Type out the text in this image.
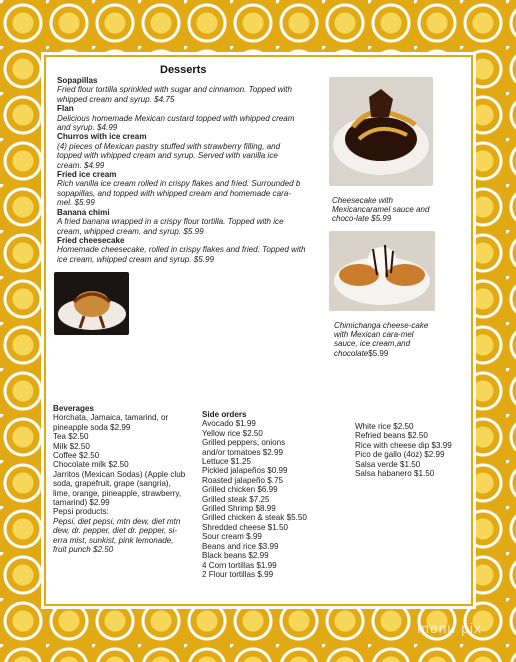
Desserts
Sopapillas
Fried flour tortilla sprinkled with sugar and cinnamon. Topped with
whipped cream and syrup. $4.75
Flan
Delicious homemade Mexican custard topped with whipped cream
and syrup. $4.99
Churros with ice cream
(4) pieces of Mexican pastry stuffed with strawberry filling, and
topped with whipped cream and syrup. Served with vanilla ice
cream. $4.99
Fried ice cream
Rich vanilla ice cream rolled in crispy flakes and fried. Surrounded b
sopapillas, and topped with whipped cream and homemade cara-
mel. $5.99
Banana chimi
A fried banana wrapped in a crispy flour tortilla. Topped with ice
cream, whipped cream, and syrup. $5.99
Fried cheesecake
Homemade cheesecake, rolled in crispy flakes and fried. Topped with
ice cream, whipped cream and syrup. $5.99
Cheesecake with Mexicancaramel sauce and choco-late $5.99
Chimichanga cheese-cake with Mexican cara-mel sauce, ice cream,and chocolate$5.99
Beverages
Horchata, Jamaica, tamarind, or
pineapple soda $2.99
Tea $2.50
Milk $2.50
Coffee $2.50
Chocolate milk $2.50
Jarritos (Mexican Sodas) (Apple club
soda, grapefruit, grape (sangria),
lime, orange, pineapple, strawberry,
tamarind) $2.99
Pepsi products:
Pepsi, diet pepsi, mtn dew, diet mtn
dew, dr. pepper, diet dr. pepper, si-
erra mist, sunkist, pink lemonade,
fruit punch $2.50
Side orders
Avocado $1.99
Yellow rice $2.50
Grilled peppers, onions
and/or tomatoes $2.99
Lettuce $1.25
Pickled jalapeños $0.99
Roasted jalapeño $.75
Grilled chicken $6.99
Grilled steak $7.25
Grilled Shrimp $8.99
Grilled chicken & steak $5.50
Shredded cheese $1.50
Sour cream $.99
Beans and rice $3.99
Black beans $2.99
4 Corn tortillas $1.99
2 Flour tortillas $.99
White rice $2.50
Refried beans $2.50
Rice with cheese dip $3.99
Pico de gallo (4oz) $2.99
Salsa verde $1.50
Salsa habanero $1.50
menu pix
